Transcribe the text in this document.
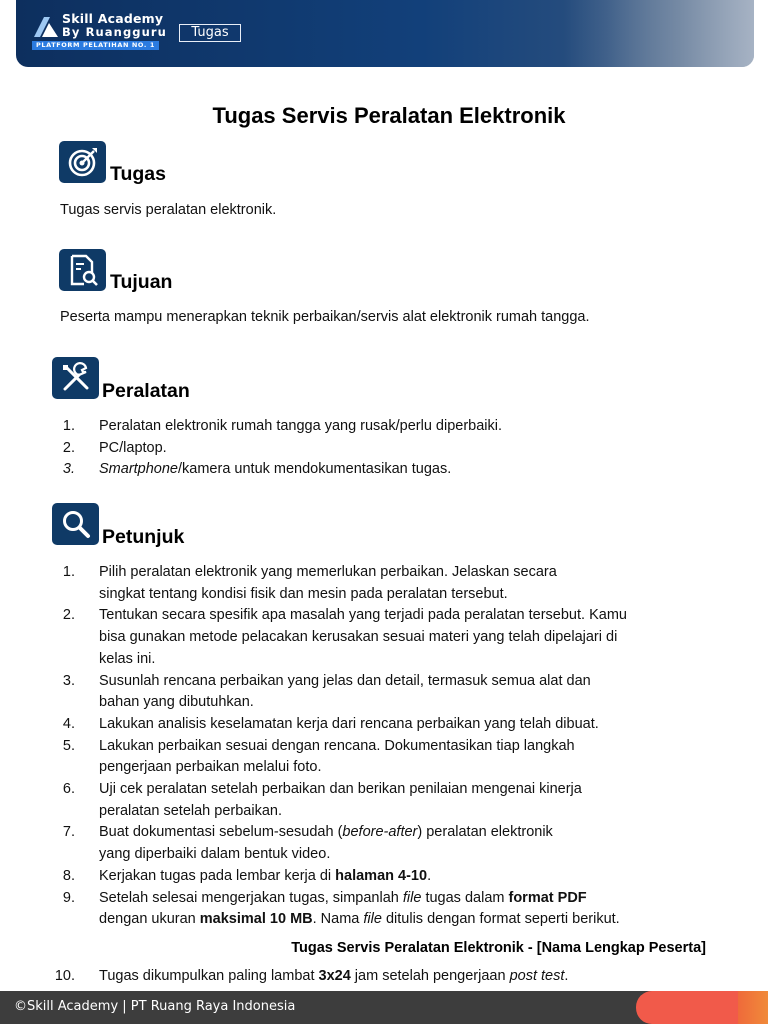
Skill Academy
By Ruangguru
PLATFORM PELATIHAN NO. 1
Tugas
Tugas Servis Peralatan Elektronik
Tugas
Tugas servis peralatan elektronik.
Tujuan
Peserta mampu menerapkan teknik perbaikan/servis alat elektronik rumah tangga.
Peralatan
1. Peralatan elektronik rumah tangga yang rusak/perlu diperbaiki.
2. PC/laptop.
3. Smartphone/kamera untuk mendokumentasikan tugas.
Petunjuk
1. Pilih peralatan elektronik yang memerlukan perbaikan. Jelaskan secara
singkat tentang kondisi fisik dan mesin pada peralatan tersebut.
2. Tentukan secara spesifik apa masalah yang terjadi pada peralatan tersebut. Kamu
bisa gunakan metode pelacakan kerusakan sesuai materi yang telah dipelajari di
kelas ini.
3. Susunlah rencana perbaikan yang jelas dan detail, termasuk semua alat dan
bahan yang dibutuhkan.
4. Lakukan analisis keselamatan kerja dari rencana perbaikan yang telah dibuat.
5. Lakukan perbaikan sesuai dengan rencana. Dokumentasikan tiap langkah
pengerjaan perbaikan melalui foto.
6. Uji cek peralatan setelah perbaikan dan berikan penilaian mengenai kinerja
peralatan setelah perbaikan.
7. Buat dokumentasi sebelum-sesudah (before-after) peralatan elektronik
yang diperbaiki dalam bentuk video.
8. Kerjakan tugas pada lembar kerja di halaman 4-10.
9. Setelah selesai mengerjakan tugas, simpanlah file tugas dalam format PDF
dengan ukuran maksimal 10 MB. Nama file ditulis dengan format seperti berikut.
Tugas Servis Peralatan Elektronik - [Nama Lengkap Peserta]
10. Tugas dikumpulkan paling lambat 3x24 jam setelah pengerjaan post test.
©Skill Academy | PT Ruang Raya Indonesia
